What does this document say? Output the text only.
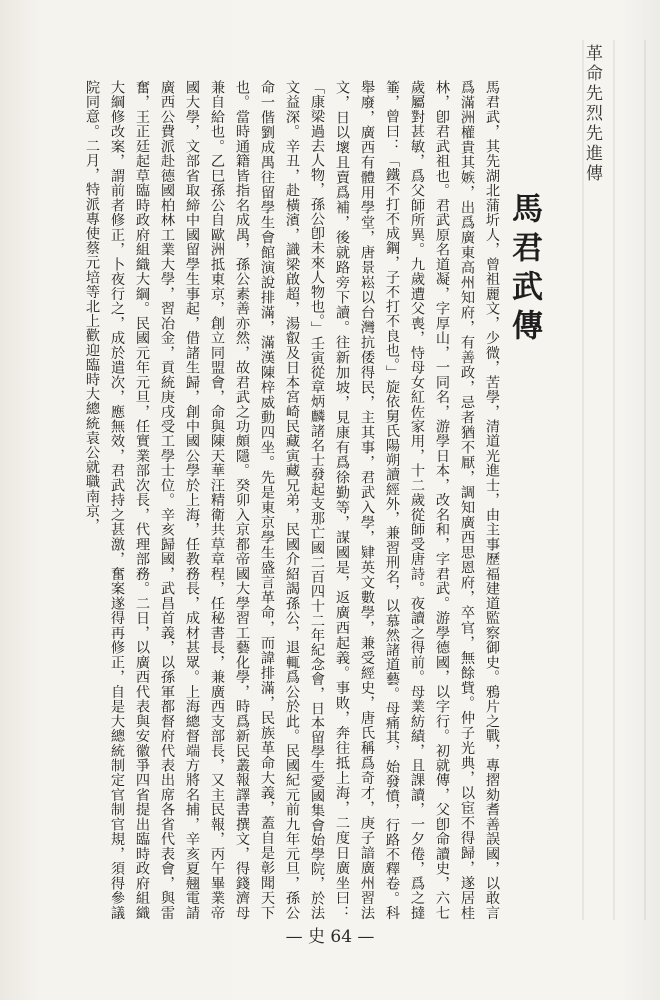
革命先烈先進傳
馬君武傳

馬君武，其先湖北蒲圻人，曾祖麗文，少微，苦學，清道光進士，由主事歷福建道監察御史。鴉片之戰，專摺劾耆善誤國，以敢言爲滿洲權貴其嫉，出爲廣東高州知府，有善政，忌者猶不厭，調知廣西思恩府，卒官，無餘貲。仲子光典，以宦不得歸，遂居桂林，卽君武祖也。君武原名道凝，字厚山，一同名，游學日本，改名和，字君武。游學德國，以字行。初就傳，父卽命讀史，六七歲屬對甚敏，爲父師所異。九歲遭父喪，恃母女紅佐家用，十二歲從師受唐詩。夜讀之得前。母業紡績，且課讀，一夕倦，爲之撻箠，曾曰：「鐵不打不成鋼，子不打不良也。」旋依舅氏陽朔讀經外，兼習刑名，以慕然諸道藝。母痛其，始發憤，行路不釋卷。科舉廢，廣西有體用學堂，唐景崧以台灣抗倭得民，主其事，君武入學，肄英文數學，兼受經史，唐氏稱爲奇才，庚子諳廣州習法文，日以壞且賣爲補，後就路旁下讀。往新加坡，見康有爲徐勤等，謀國是，返廣西起義。事敗，奔往抵上海，二度日廣坐曰：「康梁過去人物，孫公卽未來人物也。」壬寅從章炳麟諸名士發起支那亡國二百四十二年紀念會，日本留學生愛國集會始學院，於法文益深。辛丑，赴橫濱，識梁啟超，湯叡及日本宮崎民藏寅藏兄弟，民國介紹謁孫公，退輒爲公於此。民國紀元前九年元旦，孫公命一偕劉成禺往留學生會館演說排滿，滿漢陳梓威動四坐。先是東京學生盛言革命，而諱排滿，民族革命大義，蓋自是彰聞天下也。當時通籍皆指名成禺，孫公素善亦然，故君武之功頗隱。癸卯入京都帝國大學習工藝化學，時爲新民叢報譯書撰文，得錢濟母兼自給也。乙巳孫公自歐洲抵東京，創立同盟會，命與陳天華汪精衛共草章程，任秘書長，兼廣西支部長，又主民報，丙午畢業帝國大學，文部省取締中國留學生事起，借諸生歸，創中國公學於上海，任教務長，成材甚眾。上海總督端方將名捕，辛亥夏翹電請廣西公費派赴德國柏林工業大學，習冶金，貢統庚戌受工學士位。辛亥歸國，武昌首義，以孫軍都督府代表出席各省代表會，與雷奮，王正廷起草臨時政府組織大綱。民國元年元旦，任實業部次長，代理部務。二日，以廣西代表與安徽爭四省提出臨時政府組織大綱修改案，謂前者修正，卜夜行之，成於遣次，應無效，君武持之甚激，奮案遂得再修正，自是大總統制定官制官規，須得參議院同意。二月，特派專使蔡元培等北上歡迎臨時大總統袁公就職南京，

— 史 64 —
